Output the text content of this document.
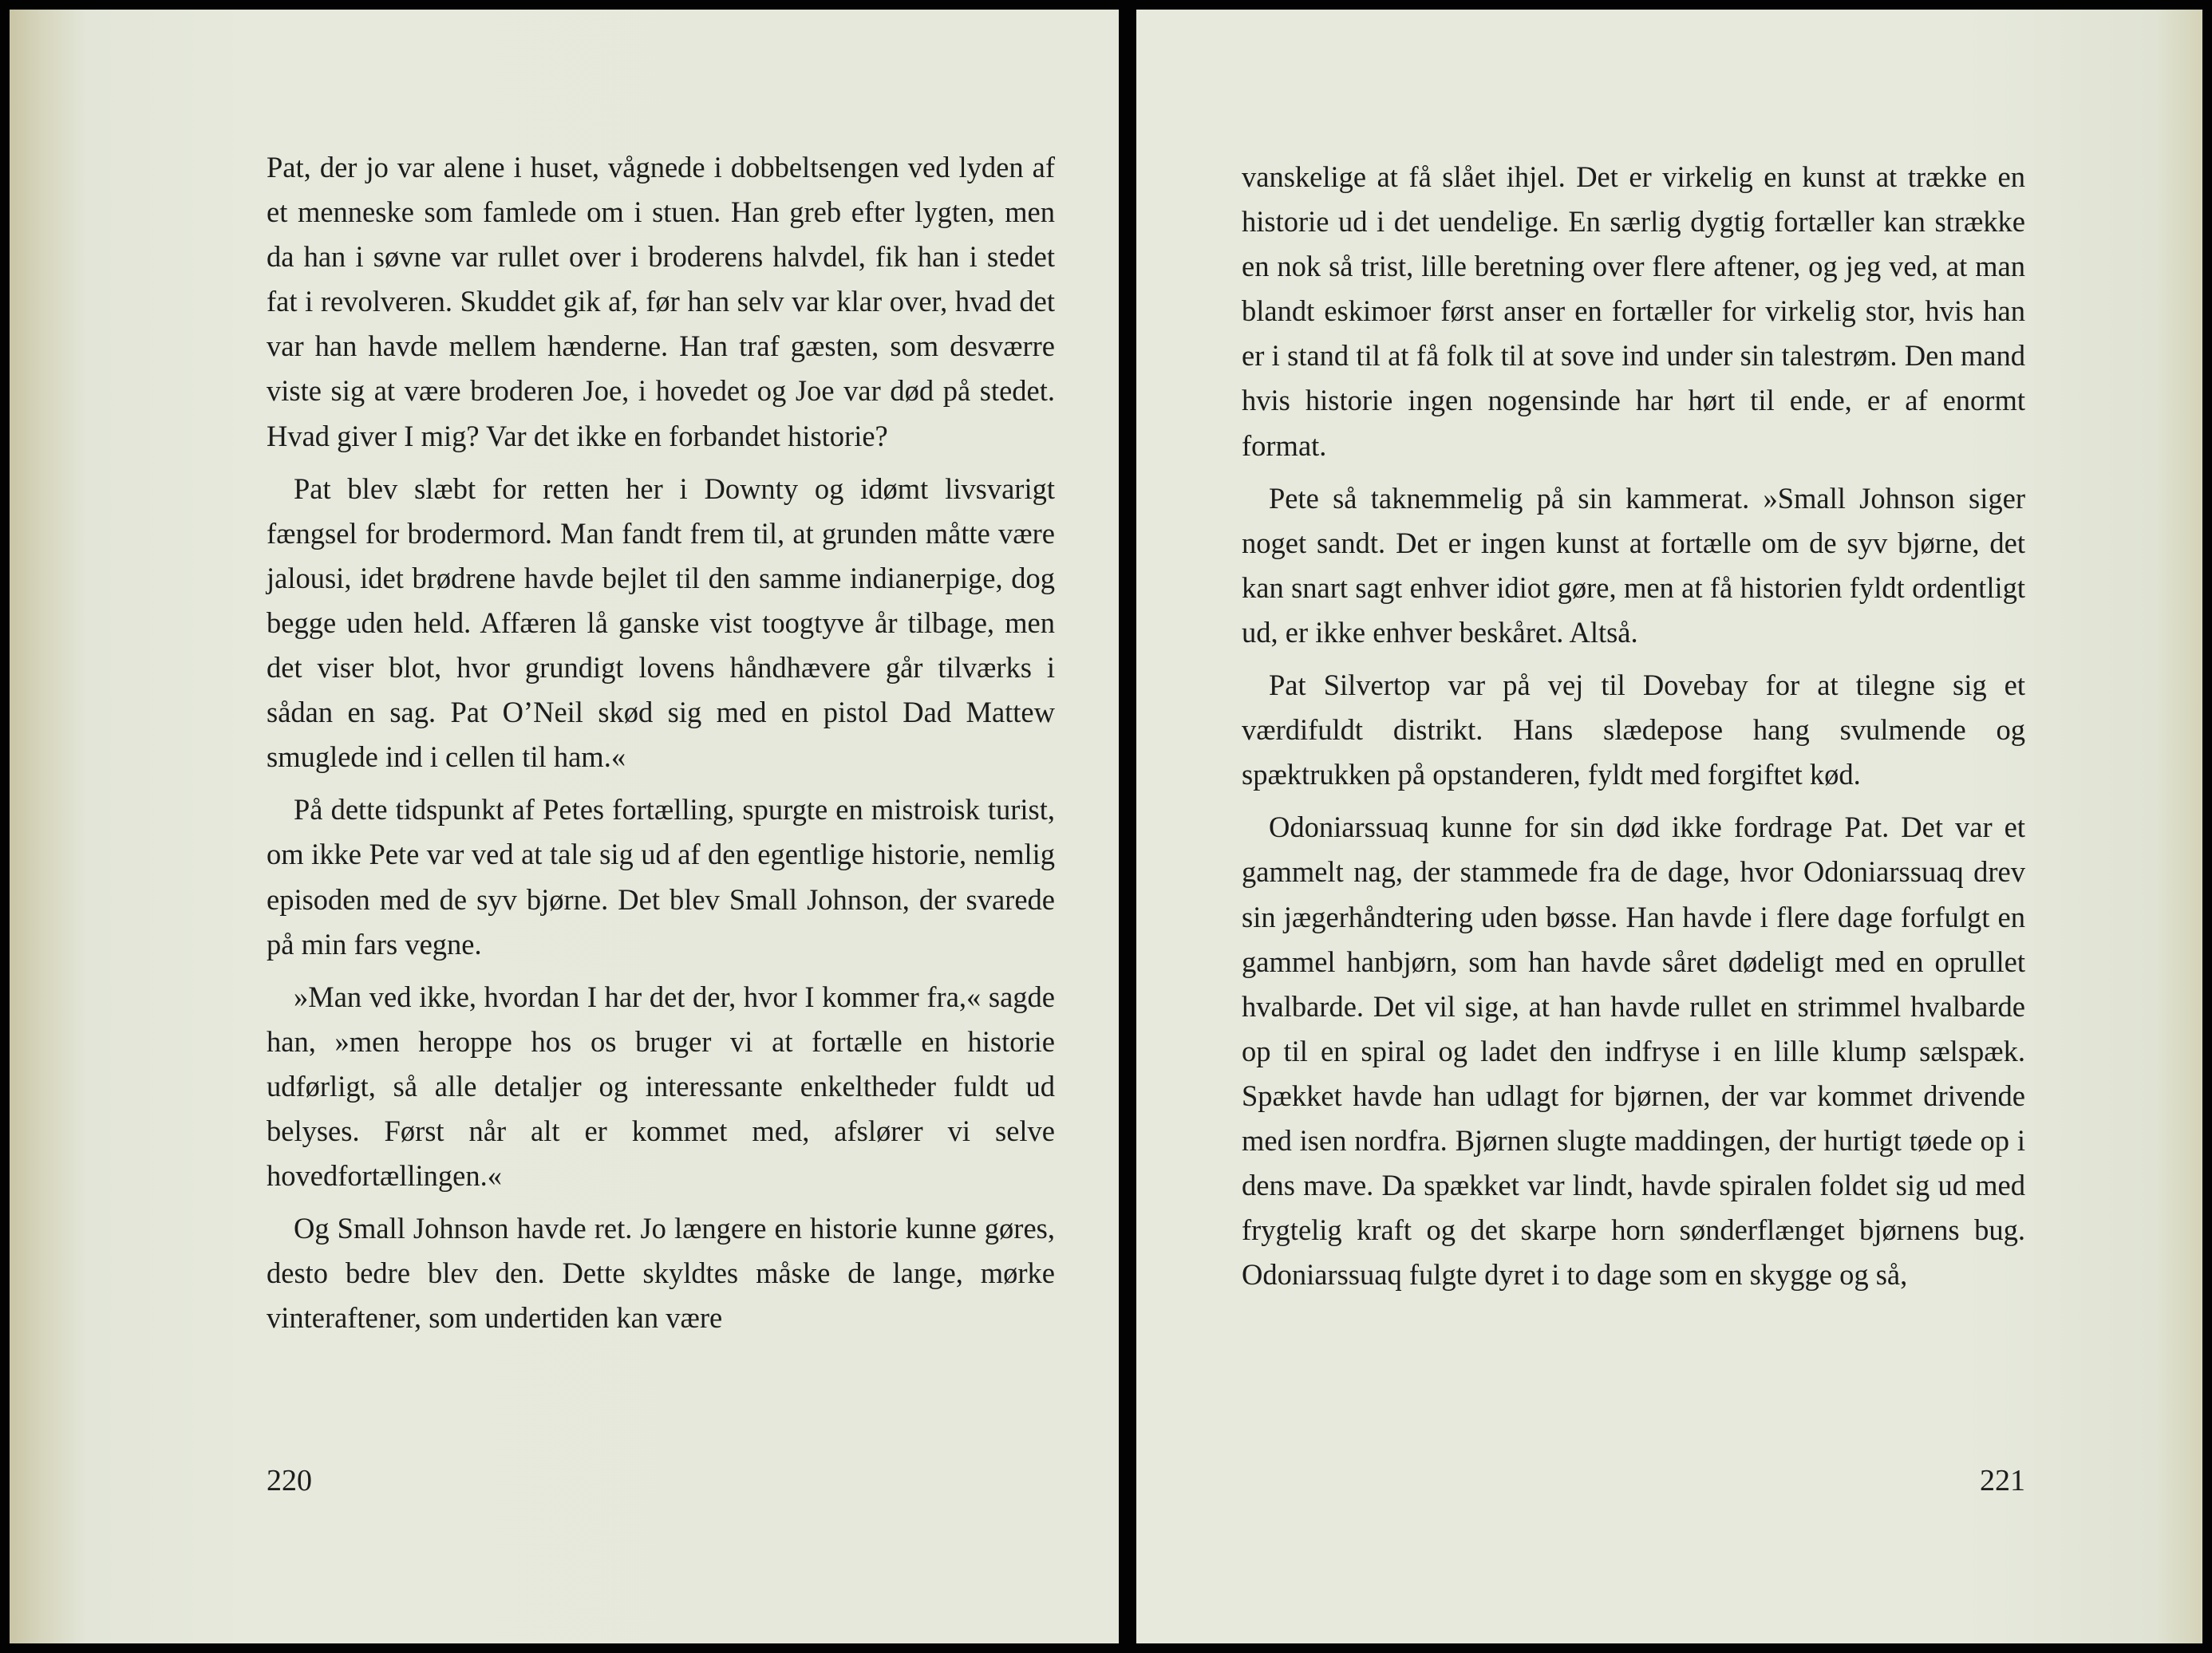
Pat, der jo var alene i huset, vågnede i dobbeltsengen ved lyden af et menneske som famlede om i stuen. Han greb efter lygten, men da han i søvne var rullet over i broderens halvdel, fik han i stedet fat i revolveren. Skuddet gik af, før han selv var klar over, hvad det var han havde mellem hænderne. Han traf gæsten, som desværre viste sig at være broderen Joe, i hovedet og Joe var død på stedet. Hvad giver I mig? Var det ikke en forbandet historie?

Pat blev slæbt for retten her i Downty og idømt livsvarigt fængsel for brodermord. Man fandt frem til, at grunden måtte være jalousi, idet brødrene havde bejlet til den samme indianerpige, dog begge uden held. Affæren lå ganske vist toogtyve år tilbage, men det viser blot, hvor grundigt lovens håndhævere går tilværks i sådan en sag. Pat O’Neil skød sig med en pistol Dad Mattew smuglede ind i cellen til ham.«

På dette tidspunkt af Petes fortælling, spurgte en mistroisk turist, om ikke Pete var ved at tale sig ud af den egentlige historie, nemlig episoden med de syv bjørne. Det blev Small Johnson, der svarede på min fars vegne.

»Man ved ikke, hvordan I har det der, hvor I kommer fra,« sagde han, »men heroppe hos os bruger vi at fortælle en historie udførligt, så alle detaljer og interessante enkeltheder fuldt ud belyses. Først når alt er kommet med, afslører vi selve hovedfortællingen.«

Og Small Johnson havde ret. Jo længere en historie kunne gøres, desto bedre blev den. Dette skyldtes måske de lange, mørke vinteraftener, som undertiden kan være

220

vanskelige at få slået ihjel. Det er virkelig en kunst at trække en historie ud i det uendelige. En særlig dygtig fortæller kan strække en nok så trist, lille beretning over flere aftener, og jeg ved, at man blandt eskimoer først anser en fortæller for virkelig stor, hvis han er i stand til at få folk til at sove ind under sin talestrøm. Den mand hvis historie ingen nogensinde har hørt til ende, er af enormt format.

Pete så taknemmelig på sin kammerat. »Small Johnson siger noget sandt. Det er ingen kunst at fortælle om de syv bjørne, det kan snart sagt enhver idiot gøre, men at få historien fyldt ordentligt ud, er ikke enhver beskåret. Altså.

Pat Silvertop var på vej til Dovebay for at tilegne sig et værdifuldt distrikt. Hans slædepose hang svulmende og spæktrukken på opstanderen, fyldt med forgiftet kød.

Odoniarssuaq kunne for sin død ikke fordrage Pat. Det var et gammelt nag, der stammede fra de dage, hvor Odoniarssuaq drev sin jægerhåndtering uden bøsse. Han havde i flere dage forfulgt en gammel hanbjørn, som han havde såret dødeligt med en oprullet hvalbarde. Det vil sige, at han havde rullet en strimmel hvalbarde op til en spiral og ladet den indfryse i en lille klump sælspæk. Spækket havde han udlagt for bjørnen, der var kommet drivende med isen nordfra. Bjørnen slugte maddingen, der hurtigt tøede op i dens mave. Da spækket var lindt, havde spiralen foldet sig ud med frygtelig kraft og det skarpe horn sønderflænget bjørnens bug. Odoniarssuaq fulgte dyret i to dage som en skygge og så,

221
